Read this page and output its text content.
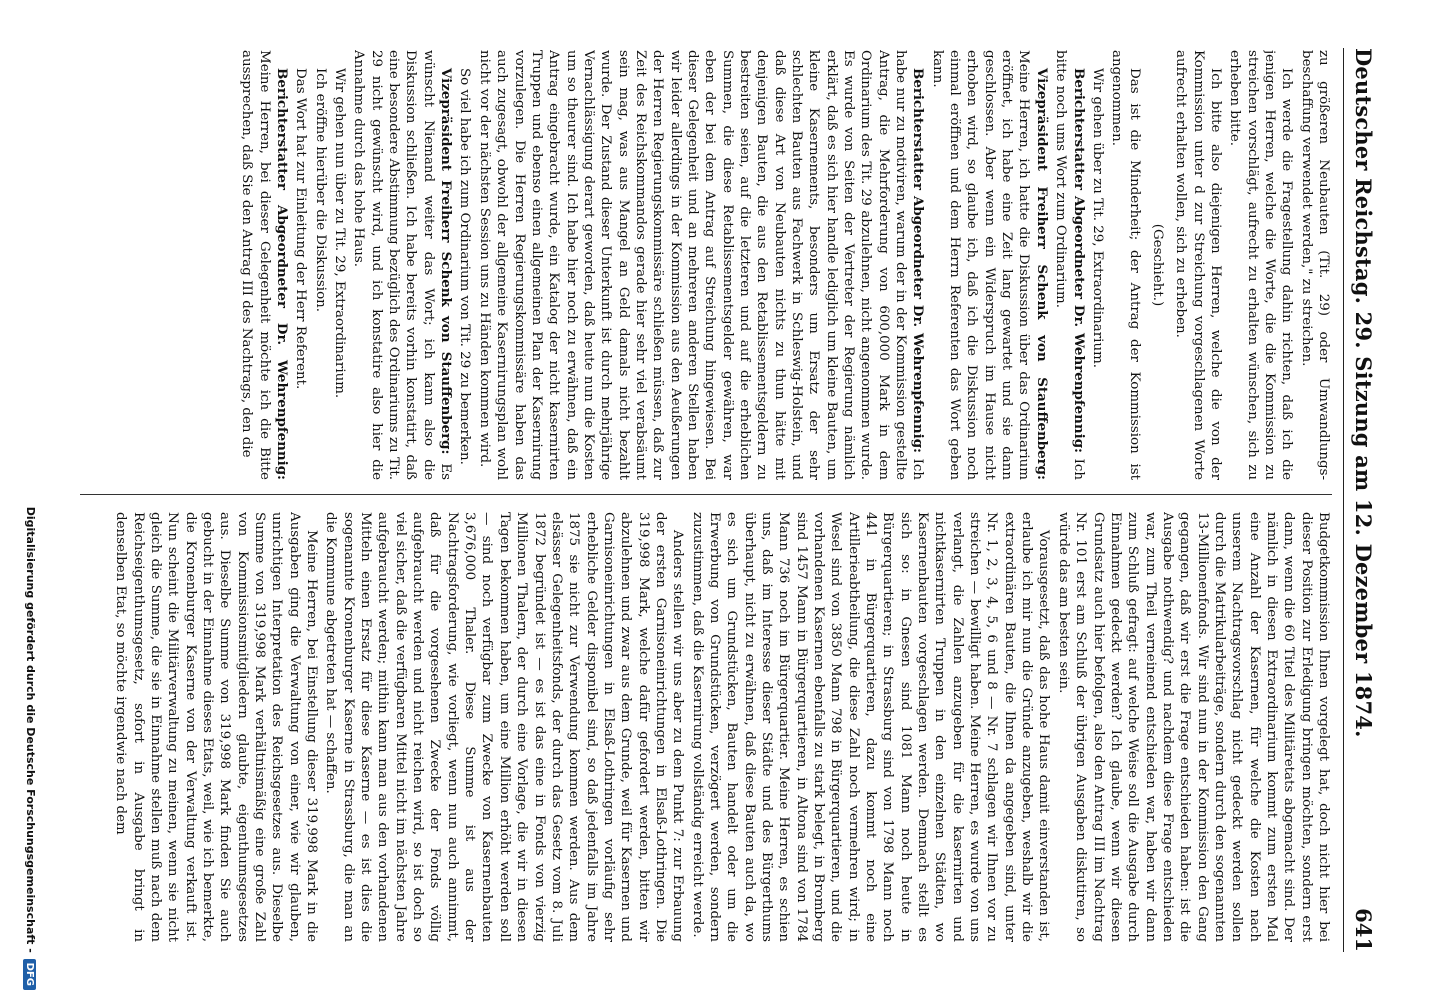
Deutscher Reichstag. 29. Sitzung am 12. Dezember 1874.
641

zu größeren Neubauten (Tit. 29) oder Umwandlungsbeschaffung verwendet werden," zu streichen.

Ich werde die Fragestellung dahin richten, daß ich die jenigen Herren, welche die Worte, die die Kommission zu streichen vorschlägt, aufrecht zu erhalten wünschen, sich zu erheben bitte.

Ich bitte also diejenigen Herren, welche die von der Kommission unter d zur Streichung vorgeschlagenen Worte aufrecht erhalten wollen, sich zu erheben.

(Geschieht.)

Das ist die Minderheit; der Antrag der Kommission ist angenommen.

Wir gehen über zu Tit. 29, Extraordinarium.

Berichterstatter Abgeordneter Dr. Wehrenpfennig: Ich bitte noch ums Wort zum Ordinarium.

Vizepräsident Freiherr Schenk von Stauffenberg: Meine Herren, ich hatte die Diskussion über das Ordinarium eröffnet, ich habe eine Zeit lang gewartet und sie dann geschlossen. Aber wenn ein Widerspruch im Hause nicht erhoben wird, so glaube ich, daß ich die Diskussion noch einmal eröffnen und dem Herrn Referenten das Wort geben kann.

Berichterstatter Abgeordneter Dr. Wehrenpfennig: Ich habe nur zu motiviren, warum der in der Kommission gestellte Antrag, die Mehrforderung von 600,000 Mark in dem Ordinarium des Tit. 29 abzulehnen, nicht angenommen wurde. Es wurde von Seiten der Vertreter der Regierung nämlich erklärt, daß es sich hier handle lediglich um kleine Bauten, um kleine Kasernements, besonders um Ersatz der sehr schlechten Bauten aus Fachwerk in Schleswig-Holstein, und daß diese Art von Neubauten nichts zu thun hätte mit denjenigen Bauten, die aus den Retablissementsgeldern zu bestreiten seien, auf die letzteren und auf die erheblichen Summen, die diese Retablissementsgelder gewähren, war eben der bei dem Antrag auf Streichung hingewiesen. Bei dieser Gelegenheit und an mehreren anderen Stellen haben wir leider allerdings in der Kommission aus den Aeußerungen der Herren Regierungskommissäre schließen müssen, daß zur Zeit des Reichskommandos gerade hier sehr viel verabsäumt sein mag, was aus Mangel an Geld damals nicht bezahlt wurde. Der Zustand dieser Unterkunft ist durch mehrjährige Vernachlässigung derart geworden, daß heute nun die Kosten um so theurer sind. Ich habe hier noch zu erwähnen, daß ein Antrag eingebracht wurde, ein Katalog der nicht kasernirten Truppen und ebenso einen allgemeinen Plan der Kasernirung vorzulegen. Die Herren Regierungskommissäre haben das auch zugesagt, obwohl der allgemeine Kasernirungsplan wohl nicht vor der nächsten Session uns zu Händen kommen wird.

So viel habe ich zum Ordinarium von Tit. 29 zu bemerken.

Vizepräsident Freiherr Schenk von Stauffenberg: Es wünscht Niemand weiter das Wort; ich kann also die Diskussion schließen. Ich habe bereits vorhin konstatirt, daß eine besondere Abstimmung bezüglich des Ordinariums zu Tit. 29 nicht gewünscht wird, und ich konstatire also hier die Annahme durch das hohe Haus.

Wir gehen nun über zu Tit. 29, Extraordinarium.

Ich eröffne hierüber die Diskussion.

Das Wort hat zur Einleitung der Herr Referent.

Berichterstatter Abgeordneter Dr. Wehrenpfennig: Meine Herren, bei dieser Gelegenheit möchte ich die Bitte aussprechen, daß Sie den Antrag III des Nachtrags, den die

Budgetkommission Ihnen vorgelegt hat, doch nicht hier bei dieser Position zur Erledigung bringen möchten, sondern erst dann, wenn die 60 Titel des Militäretats abgemacht sind. Der nämlich in diesen Extraordinarium kommt zum ersten Mal eine Anzahl der Kasernen, für welche die Kosten nach unserem Nachtragsvorschlag nicht gedeckt werden sollen durch die Matrikularbeiträge, sondern durch den sogenannten 13-Millionenfonds. Wir sind nun in der Kommission den Gang gegangen, daß wir erst die Frage entschieden haben: ist die Ausgabe nothwendig? und nachdem diese Frage entschieden war, zum Theil verneinend entschieden war, haben wir dann zum Schluß gefragt: auf welche Weise soll die Ausgabe durch Einnahmen gedeckt werden? Ich glaube, wenn wir diesen Grundsatz auch hier befolgen, also den Antrag III im Nachtrag Nr. 101 erst am Schluß der übrigen Ausgaben diskutiren, so würde das am besten sein.

Vorausgesetzt, daß das hohe Haus damit einverstanden ist, erlaube ich mir nun die Gründe anzugeben, weshalb wir die extraordinären Bauten, die Ihnen da angegeben sind, unter Nr. 1, 2, 3, 4, 5, 6 und 8 — Nr. 7 schlagen wir Ihnen vor zu streichen — bewilligt haben. Meine Herren, es wurde von uns verlangt, die Zahlen anzugeben für die kasernirten und nichtkasernirten Truppen in den einzelnen Städten, wo Kasernenbauten vorgeschlagen werden. Demnach stellt es sich so: in Gnesen sind 1081 Mann noch heute in Bürgerquartieren; in Strassburg sind von 1798 Mann noch 441 in Bürgerquartieren, dazu kommt noch eine Artillerieabtheilung, die diese Zahl noch vermehren wird; in Wesel sind von 3850 Mann 798 in Bürgerquartieren, und die vorhandenen Kasernen ebenfalls zu stark belegt, in Bromberg sind 1457 Mann in Bürgerquartieren, in Altona sind von 1784 Mann 736 noch im Bürgerquartier. Meine Herren, es schien uns, daß im Interesse dieser Städte und des Bürgerthums überhaupt, nicht zu erwähnen, daß diese Bauten auch da, wo es sich um Grundstücken, Bauten handelt oder um die Erwerbung von Grundstücken, verzögert werden, sondern zuzustimmen, daß die Kasernirung vollständig erreicht werde.

Anders stellen wir uns aber zu dem Punkt 7: zur Erbauung der ersten Garnisoneinrichtungen in Elsaß-Lothringen. Die 319,998 Mark, welche dafür gefordert werden, bitten wir abzulehnen und zwar aus dem Grunde, weil für Kasernen und Garnisoneinrichtungen in Elsaß-Lothringen vorläufig sehr erhebliche Gelder disponibel sind, so daß jedenfalls im Jahre 1875 sie nicht zur Verwendung kommen werden. Aus dem elsässer Gelegenheitsfonds, der durch das Gesetz vom 8. Juli 1872 begründet ist — es ist das eine in Fonds von vierzig Millionen Thalern, der durch eine Vorlage, die wir in diesen Tagen bekommen haben, um eine Million erhöht werden soll — sind noch verfügbar zum Zwecke von Kasernenbauten 3,676,000 Thaler. Diese Summe ist aus der Nachtragsforderung, wie vorliegt, wenn nun auch annimmt, daß für die vorgesehenen Zwecke der Fonds völlig aufgebraucht werden und nicht reichen wird, so ist doch so viel sicher, daß die verfügbaren Mittel nicht im nächsten Jahre aufgebraucht werden; mithin kann man aus den vorhandenen Mitteln einen Ersatz für diese Kaserne — es ist dies die sogenannte Kronenburger Kaserne in Strassburg, die man an die Kommune abgetreten hat — schaffen.

Meine Herren, bei Einstellung dieser 319,998 Mark in die Ausgaben ging die Verwaltung von einer, wie wir glauben, unrichtigen Interpretation des Reichsgesetzes aus. Dieselbe Summe von 319,998 Mark verhältnismäßig eine große Zahl von Kommissionsmitgliedern glaubte, eigenthumsgesetzes aus. Dieselbe Summe von 319,998 Mark finden Sie auch gebucht in der Einnahme dieses Etats, weil, wie ich bemerkte, die Kronenburger Kaserne von der Verwaltung verkauft ist. Nun scheint die Militärverwaltung zu meinen, wenn sie nicht gleich die Summe, die sie in Einnahme stellen muß nach dem Reichseigenthumsgesetz, sofort in Ausgabe bringt in denselben Etat, so möchte irgendwie nach dem

Digitalisierung gefördert durch die Deutsche Forschungsgemeinschaft - DFG
